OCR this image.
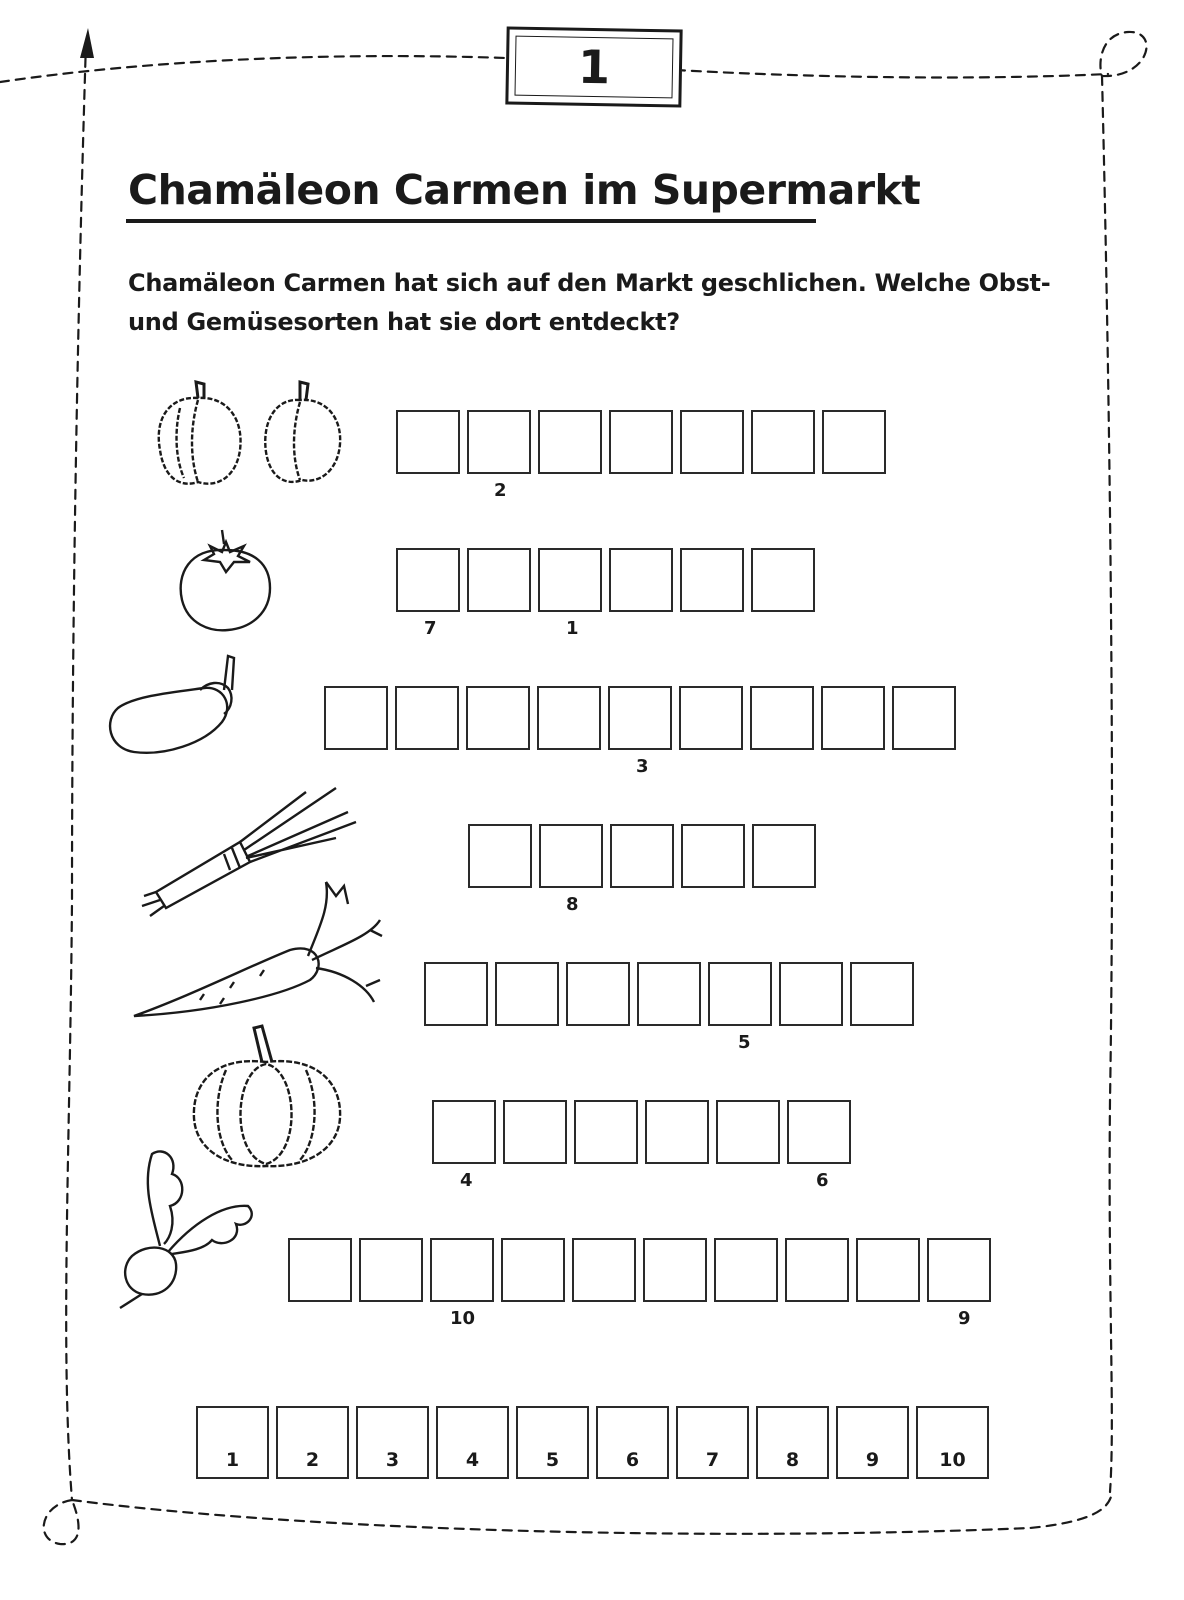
1
Chamäleon Carmen im Supermarkt
Chamäleon Carmen hat sich auf den Markt geschlichen. Welche Obst- und Gemüsesorten hat sie dort entdeckt?
2
7	1
3
8
5
4	6
10	9
1	2	3	4	5	6	7	8	9	10
